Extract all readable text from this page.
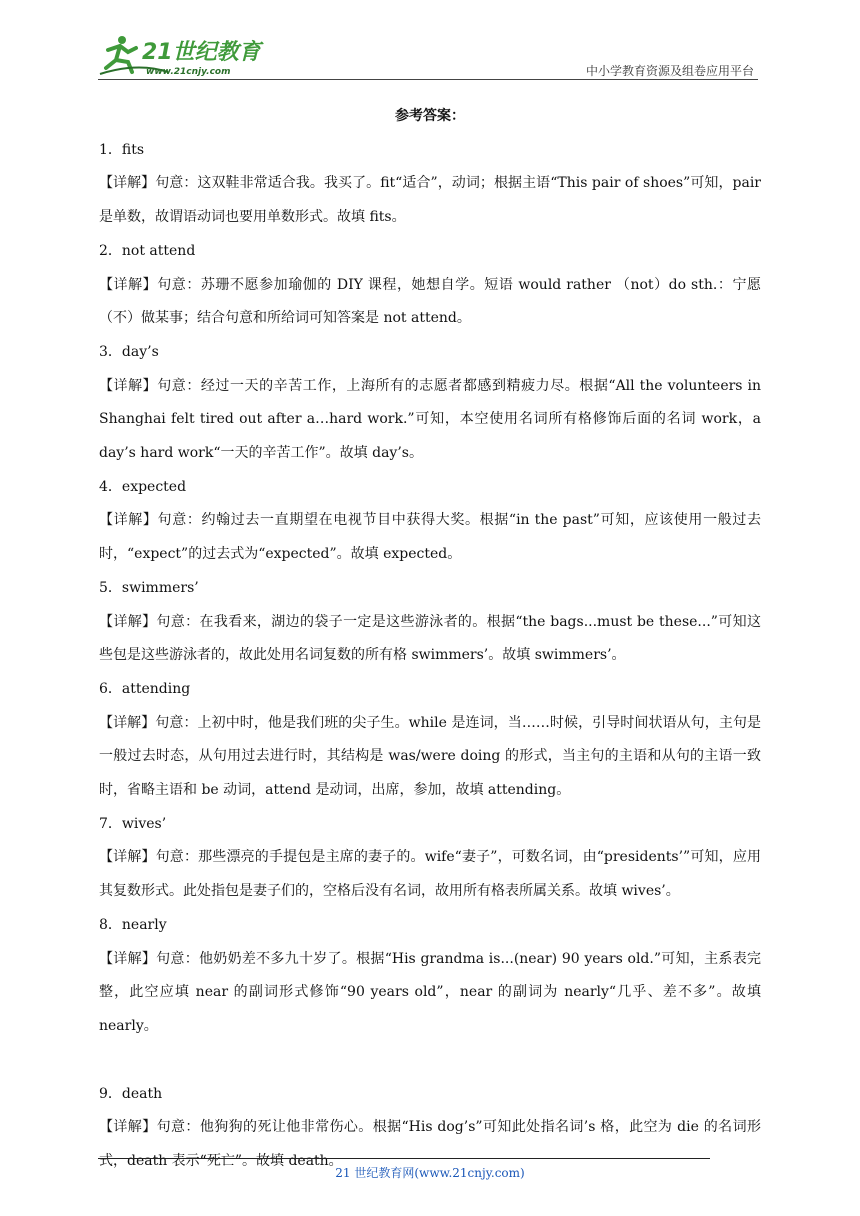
21世纪教育
www.21cnjy.com	中小学教育资源及组卷应用平台
参考答案：

1．fits

【详解】句意：这双鞋非常适合我。我买了。fit“适合”，动词；根据主语“This pair of shoes”可知，pair是单数，故谓语动词也要用单数形式。故填 fits。

2．not attend

【详解】句意：苏珊不愿参加瑜伽的 DIY 课程，她想自学。短语 would rather （not）do sth.：宁愿（不）做某事；结合句意和所给词可知答案是 not attend。

3．day’s

【详解】句意：经过一天的辛苦工作，上海所有的志愿者都感到精疲力尽。根据“All the volunteers in Shanghai felt tired out after a…hard work.”可知，本空使用名词所有格修饰后面的名词 work，a day’s hard work“一天的辛苦工作”。故填 day’s。

4．expected

【详解】句意：约翰过去一直期望在电视节目中获得大奖。根据“in the past”可知，应该使用一般过去时，“expect”的过去式为“expected”。故填 expected。

5．swimmers’

【详解】句意：在我看来，湖边的袋子一定是这些游泳者的。根据“the bags...must be these...”可知这些包是这些游泳者的，故此处用名词复数的所有格 swimmers’。故填 swimmers’。

6．attending

【详解】句意：上初中时，他是我们班的尖子生。while 是连词，当……时候，引导时间状语从句，主句是一般过去时态，从句用过去进行时，其结构是 was/were doing 的形式，当主句的主语和从句的主语一致时，省略主语和 be 动词，attend 是动词，出席，参加，故填 attending。

7．wives’

【详解】句意：那些漂亮的手提包是主席的妻子的。wife“妻子”，可数名词，由“presidents’”可知，应用其复数形式。此处指包是妻子们的，空格后没有名词，故用所有格表所属关系。故填 wives’。

8．nearly

【详解】句意：他奶奶差不多九十岁了。根据“His grandma is...(near) 90 years old.”可知，主系表完整，此空应填 near 的副词形式修饰“90 years old”，near 的副词为 nearly“几乎、差不多”。故填 nearly。

9．death

【详解】句意：他狗狗的死让他非常伤心。根据“His dog’s”可知此处指名词’s 格，此空为 die 的名词形式，death 表示“死亡”。故填 death。

21 世纪教育网(www.21cnjy.com)
